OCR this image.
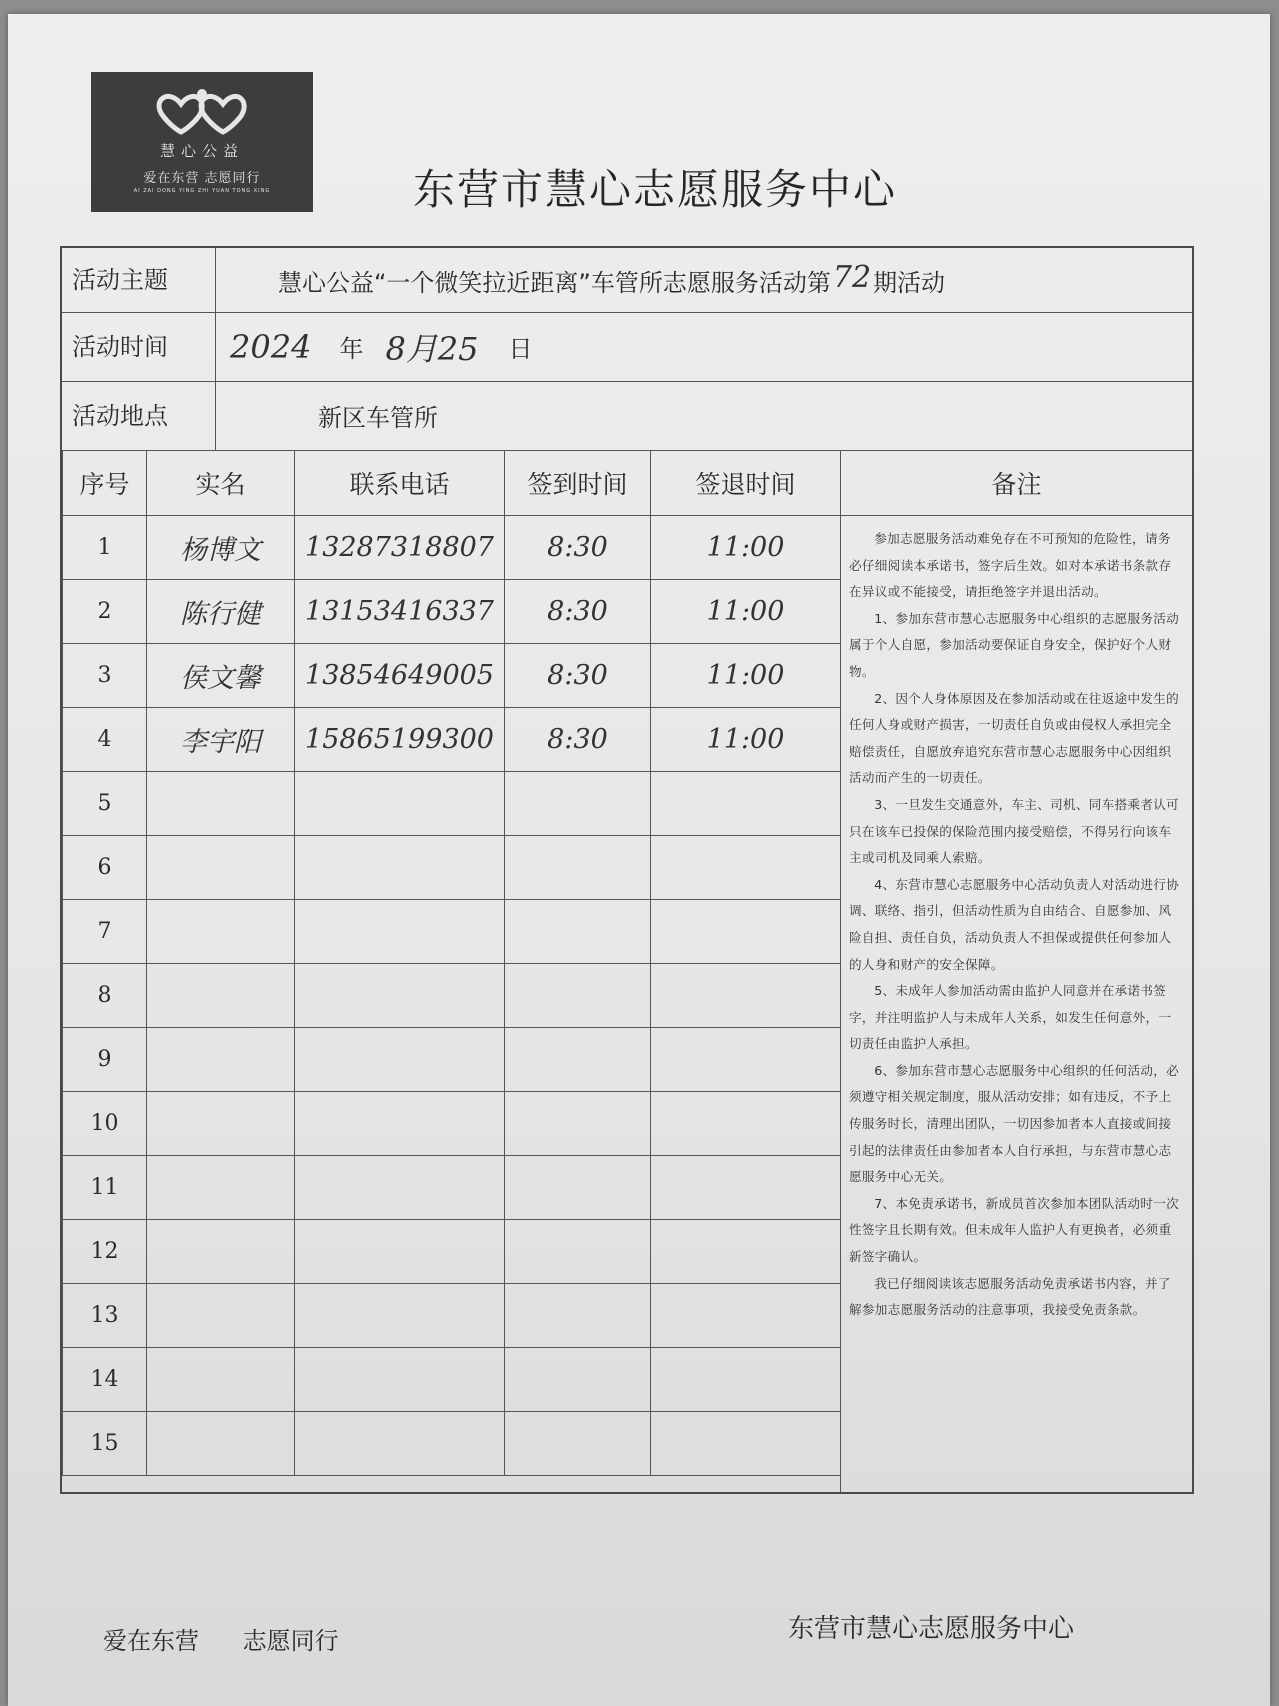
慧心公益
爱在东营 志愿同行
AI ZAI DONG YING ZHI YUAN TONG XING	东营市慧心志愿服务中心
活动主题	慧心公益“一个微笑拉近距离”车管所志愿服务活动第 72 期活动
活动时间	2024 年 8月25 日
活动地点	新区车管所
序号	实名	联系电话	签到时间	签退时间
1	杨博文	13287318807	8:30	11:00
2	陈行健	13153416337	8:30	11:00
3	侯文馨	13854649005	8:30	11:00
4	李宇阳	15865199300	8:30	11:00
5				
6				
7				
8				
9				
10				
11				
12				
13				
14				
15				
备注

参加志愿服务活动难免存在不可预知的危险性，请务必仔细阅读本承诺书，签字后生效。如对本承诺书条款存在异议或不能接受，请拒绝签字并退出活动。

1、参加东营市慧心志愿服务中心组织的志愿服务活动属于个人自愿，参加活动要保证自身安全，保护好个人财物。

2、因个人身体原因及在参加活动或在往返途中发生的任何人身或财产损害，一切责任自负或由侵权人承担完全赔偿责任，自愿放弃追究东营市慧心志愿服务中心因组织活动而产生的一切责任。

3、一旦发生交通意外，车主、司机、同车搭乘者认可只在该车已投保的保险范围内接受赔偿，不得另行向该车主或司机及同乘人索赔。

4、东营市慧心志愿服务中心活动负责人对活动进行协调、联络、指引，但活动性质为自由结合、自愿参加、风险自担、责任自负，活动负责人不担保或提供任何参加人的人身和财产的安全保障。

5、未成年人参加活动需由监护人同意并在承诺书签字，并注明监护人与未成年人关系，如发生任何意外，一切责任由监护人承担。

6、参加东营市慧心志愿服务中心组织的任何活动，必须遵守相关规定制度，服从活动安排；如有违反，不予上传服务时长，清理出团队，一切因参加者本人直接或间接引起的法律责任由参加者本人自行承担，与东营市慧心志愿服务中心无关。

7、本免责承诺书，新成员首次参加本团队活动时一次性签字且长期有效。但未成年人监护人有更换者，必须重新签字确认。

我已仔细阅读该志愿服务活动免责承诺书内容，并了解参加志愿服务活动的注意事项，我接受免责条款。

爱在东营 志愿同行	东营市慧心志愿服务中心
